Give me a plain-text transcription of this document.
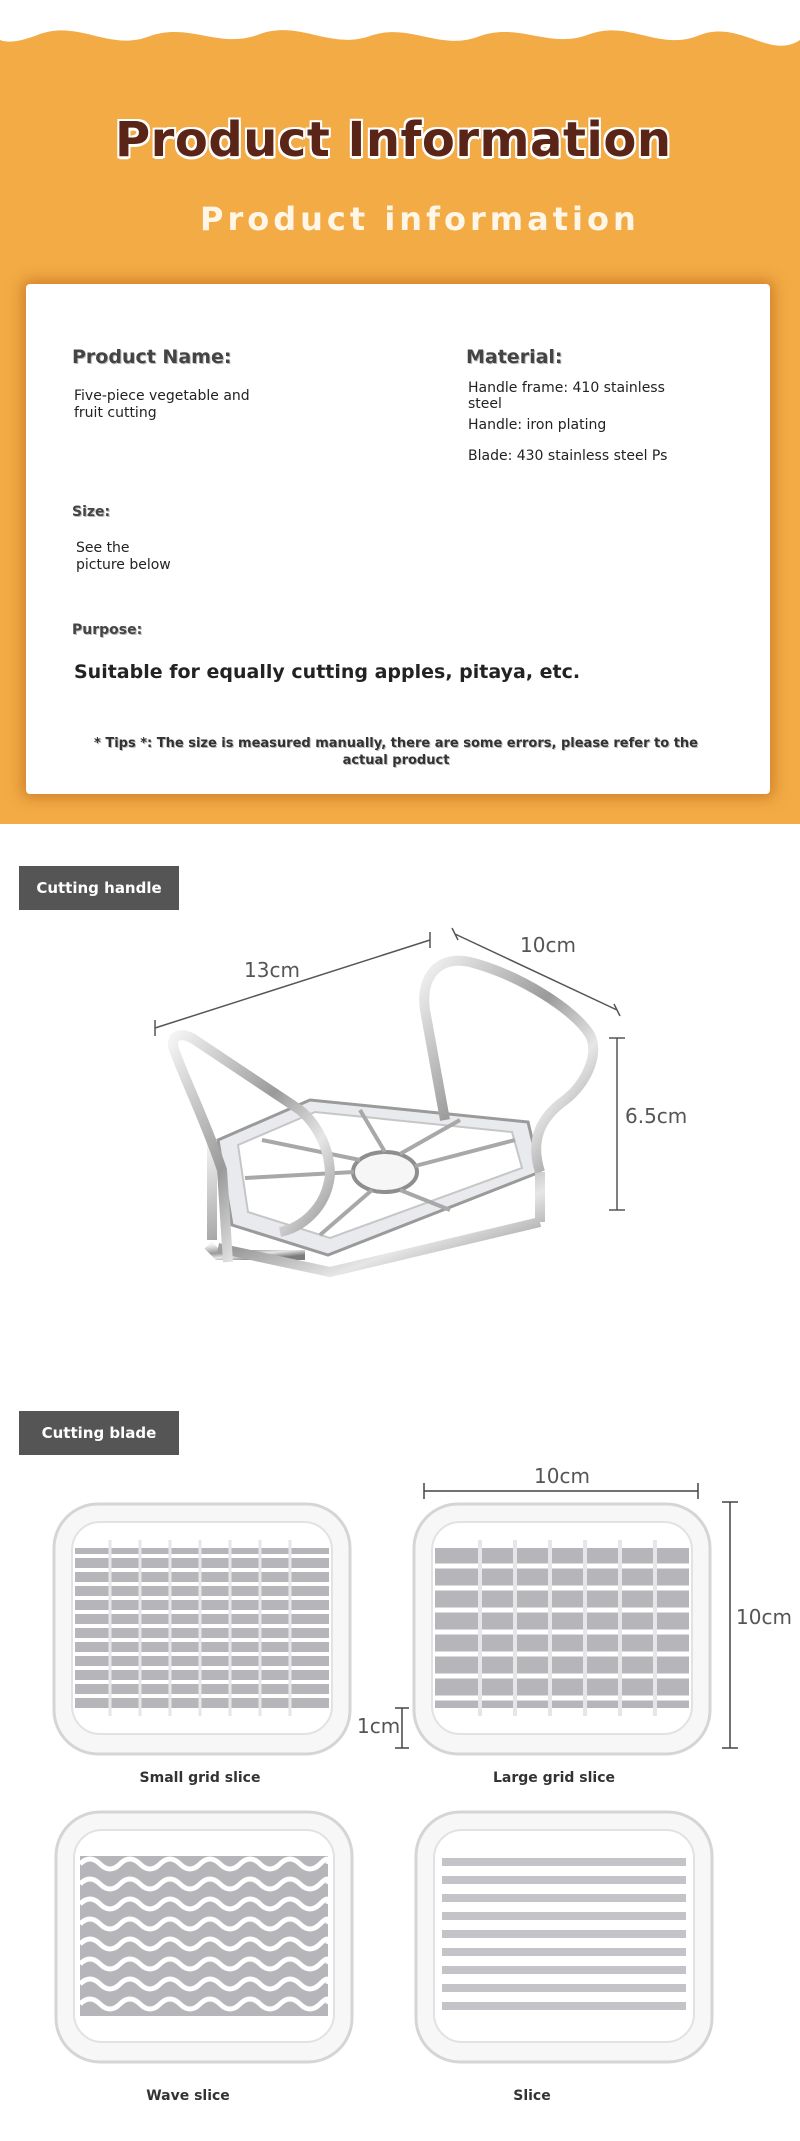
Product Information
Product information
Product Name:
Five-piece vegetable and
fruit cutting
Material:
Handle frame: 410 stainless
steel
Handle: iron plating
Blade: 430 stainless steel Ps
Size:
See the
picture below
Purpose:
Suitable for equally cutting apples, pitaya, etc.
* Tips *: The size is measured manually, there are some errors, please refer to the
actual product
Cutting handle
13cm
10cm
6.5cm
Cutting blade
10cm
10cm
1cm
Small grid slice	Large grid slice
Wave slice	Slice
